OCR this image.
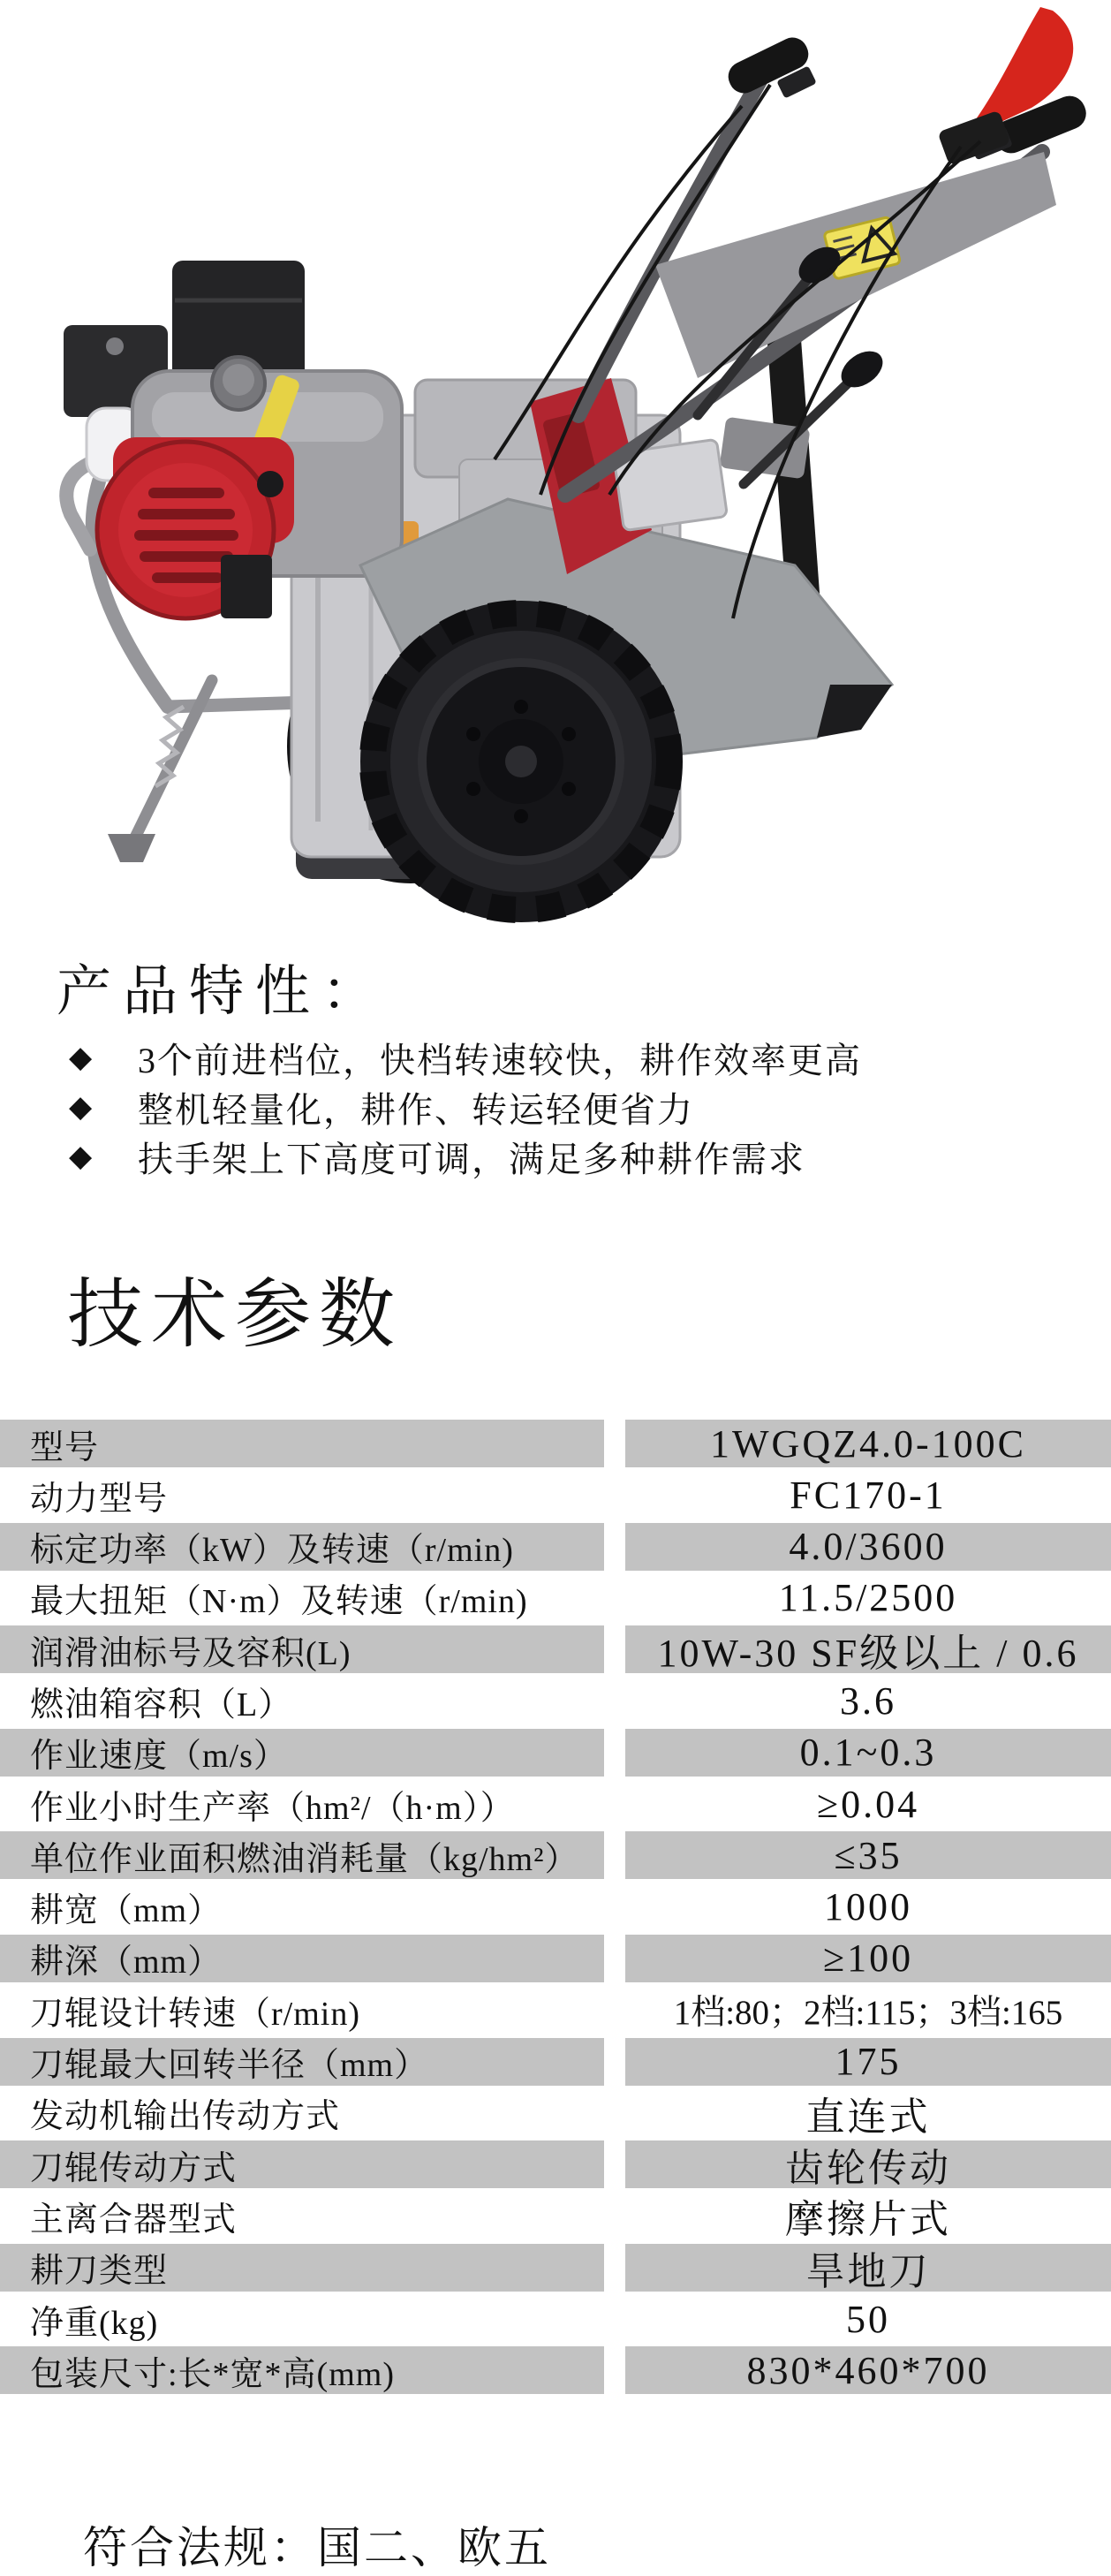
产品特性：
◆ 3个前进档位，快档转速较快，耕作效率更高
◆ 整机轻量化，耕作、转运轻便省力
◆ 扶手架上下高度可调，满足多种耕作需求
技术参数
型号	1WGQZ4.0-100C
动力型号	FC170-1
标定功率（kW）及转速（r/min)	4.0/3600
最大扭矩（N·m）及转速（r/min)	11.5/2500
润滑油标号及容积(L)	10W-30 SF级以上 / 0.6
燃油箱容积（L）	3.6
作业速度（m/s）	0.1~0.3
作业小时生产率（hm²/（h·m））	≥0.04
单位作业面积燃油消耗量（kg/hm²）	≤35
耕宽（mm）	1000
耕深（mm）	≥100
刀辊设计转速（r/min)	1档:80；2档:115；3档:165
刀辊最大回转半径（mm）	175
发动机输出传动方式	直连式
刀辊传动方式	齿轮传动
主离合器型式	摩擦片式
耕刀类型	旱地刀
净重(kg)	50
包装尺寸:长*宽*高(mm)	830*460*700
符合法规：国二、欧五
